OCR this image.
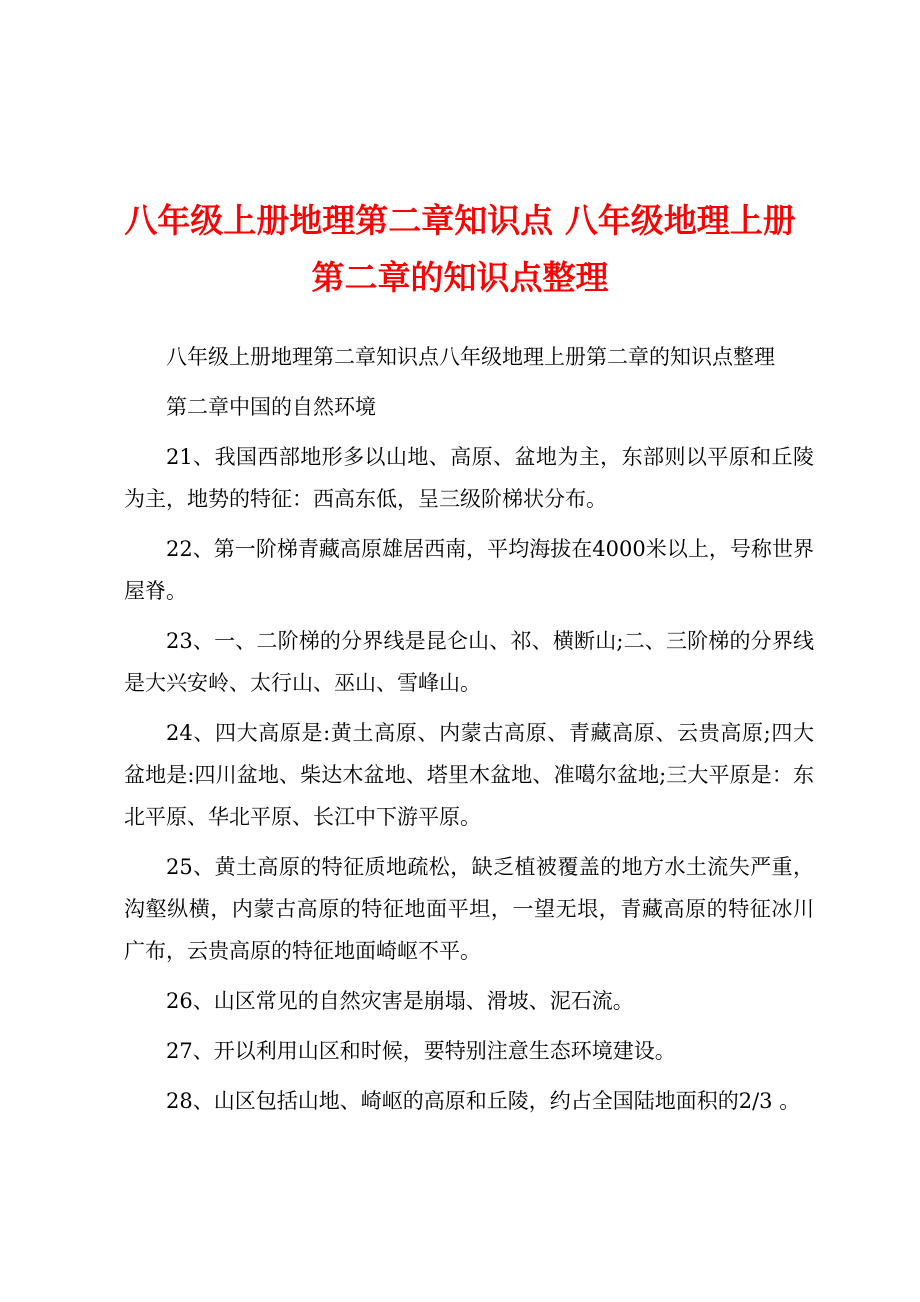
八年级上册地理第二章知识点 八年级地理上册第二章的知识点整理

八年级上册地理第二章知识点八年级地理上册第二章的知识点整理

第二章中国的自然环境

21、我国西部地形多以山地、高原、盆地为主，东部则以平原和丘陵为主，地势的特征：西高东低，呈三级阶梯状分布。

22、第一阶梯青藏高原雄居西南，平均海拔在4000米以上，号称世界屋脊。

23、一、二阶梯的分界线是昆仑山、祁、横断山;二、三阶梯的分界线是大兴安岭、太行山、巫山、雪峰山。

24、四大高原是:黄土高原、内蒙古高原、青藏高原、云贵高原;四大盆地是:四川盆地、柴达木盆地、塔里木盆地、准噶尔盆地;三大平原是：东北平原、华北平原、长江中下游平原。

25、黄土高原的特征质地疏松，缺乏植被覆盖的地方水土流失严重，沟壑纵横，内蒙古高原的特征地面平坦，一望无垠，青藏高原的特征冰川广布，云贵高原的特征地面崎岖不平。

26、山区常见的自然灾害是崩塌、滑坡、泥石流。

27、开以利用山区和时候，要特别注意生态环境建设。

28、山区包括山地、崎岖的高原和丘陵，约占全国陆地面积的2/3 。
